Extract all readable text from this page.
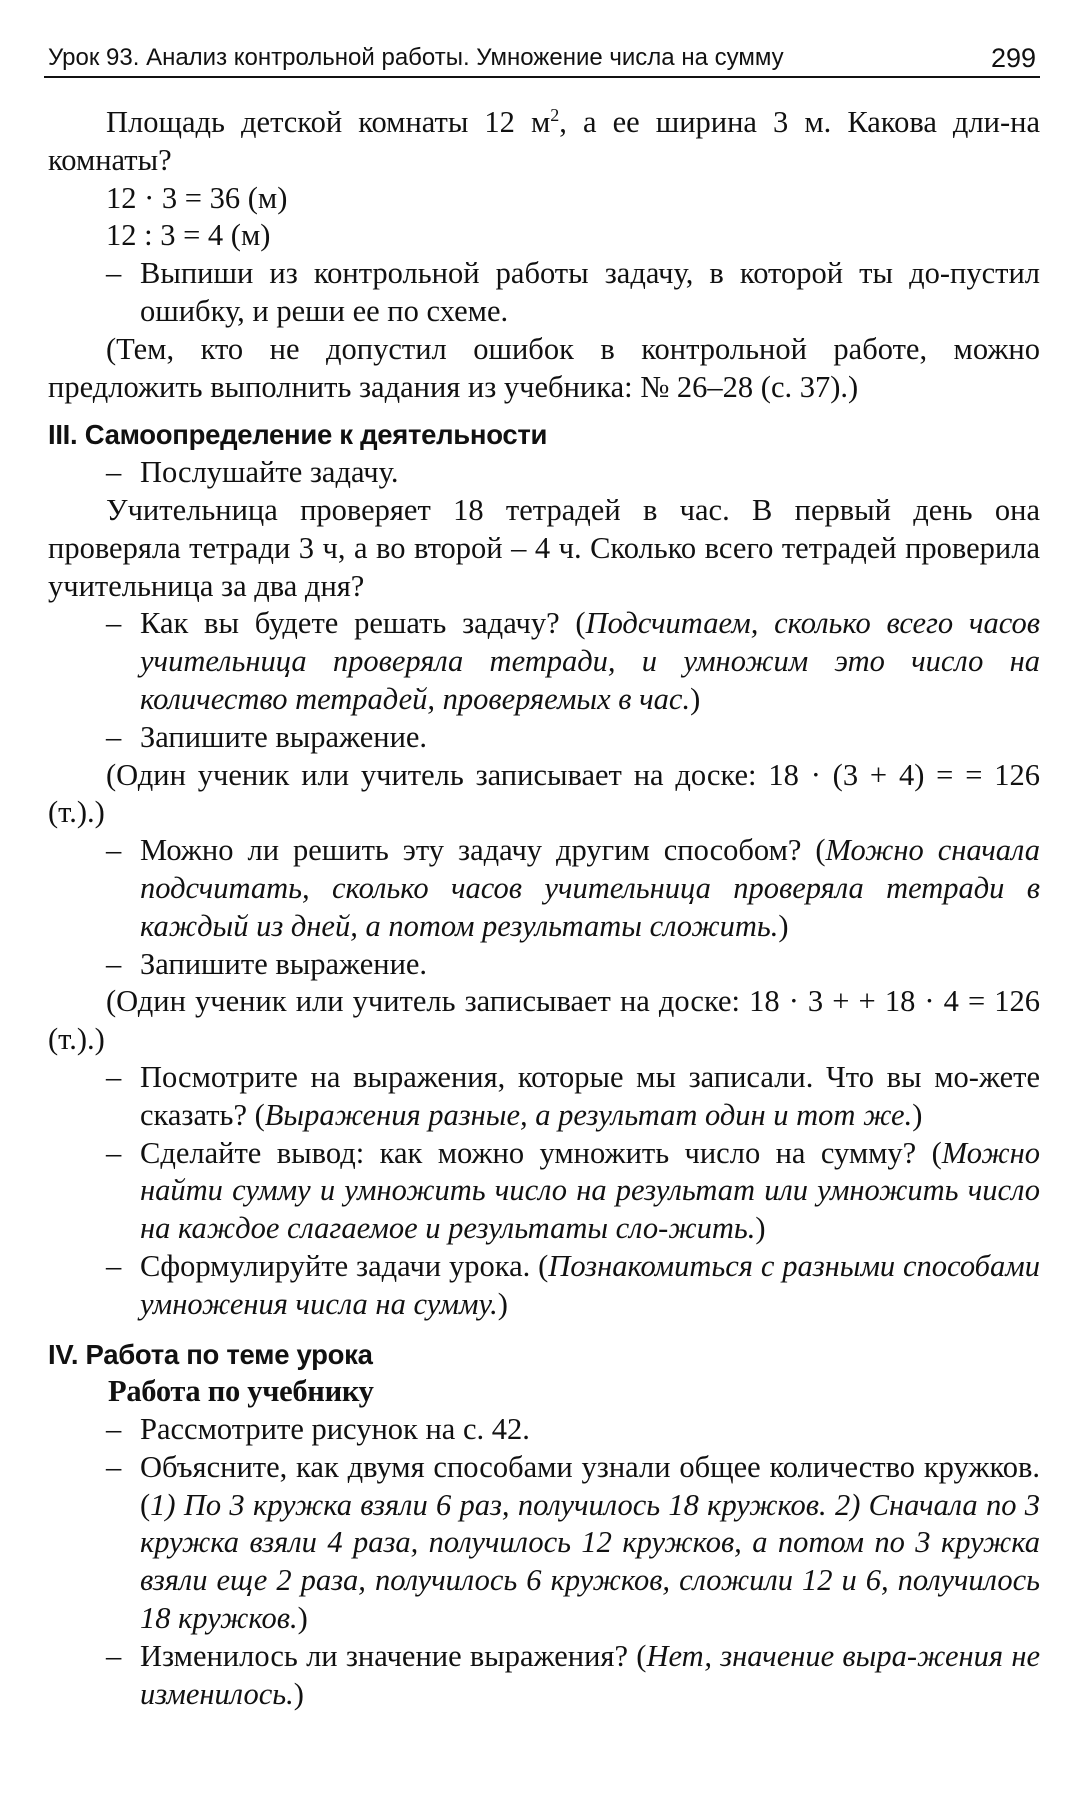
Урок 93. Анализ контрольной работы. Умножение числа на сумму	299

Площадь детской комнаты 12 $м^2$, а ее ширина 3 м. Какова дли-на комнаты?

12 · 3 = 36 (м)

12 : 3 = 4 (м)

– Выпиши из контрольной работы задачу, в которой ты до-пустил ошибку, и реши ее по схеме.

(Тем, кто не допустил ошибок в контрольной работе, можно предложить выполнить задания из учебника: № 26–28 (с. 37).)

III. Самоопределение к деятельности

– Послушайте задачу.

Учительница проверяет 18 тетрадей в час. В первый день она проверяла тетради 3 ч, а во второй – 4 ч. Сколько всего тетрадей проверила учительница за два дня?

– Как вы будете решать задачу? (Подсчитаем, сколько всего часов учительница проверяла тетради, и умножим это число на количество тетрадей, проверяемых в час.)

– Запишите выражение.

(Один ученик или учитель записывает на доске: 18 · (3 + 4) = = 126 (т.).)

– Можно ли решить эту задачу другим способом? (Можно сначала подсчитать, сколько часов учительница проверяла тетради в каждый из дней, а потом результаты сложить.)

– Запишите выражение.

(Один ученик или учитель записывает на доске: 18 · 3 + + 18 · 4 = 126 (т.).)

– Посмотрите на выражения, которые мы записали. Что вы мо-жете сказать? (Выражения разные, а результат один и тот же.)

– Сделайте вывод: как можно умножить число на сумму? (Можно найти сумму и умножить число на результат или умножить число на каждое слагаемое и результаты сло-жить.)

– Сформулируйте задачи урока. (Познакомиться с разными способами умножения числа на сумму.)

IV. Работа по теме урока
Работа по учебнику

– Рассмотрите рисунок на с. 42.

– Объясните, как двумя способами узнали общее количество кружков. (1) По 3 кружка взяли 6 раз, получилось 18 кружков. 2) Сначала по 3 кружка взяли 4 раза, получилось 12 кружков, а потом по 3 кружка взяли еще 2 раза, получилось 6 кружков, сложили 12 и 6, получилось 18 кружков.)

– Изменилось ли значение выражения? (Нет, значение выра-жения не изменилось.)
